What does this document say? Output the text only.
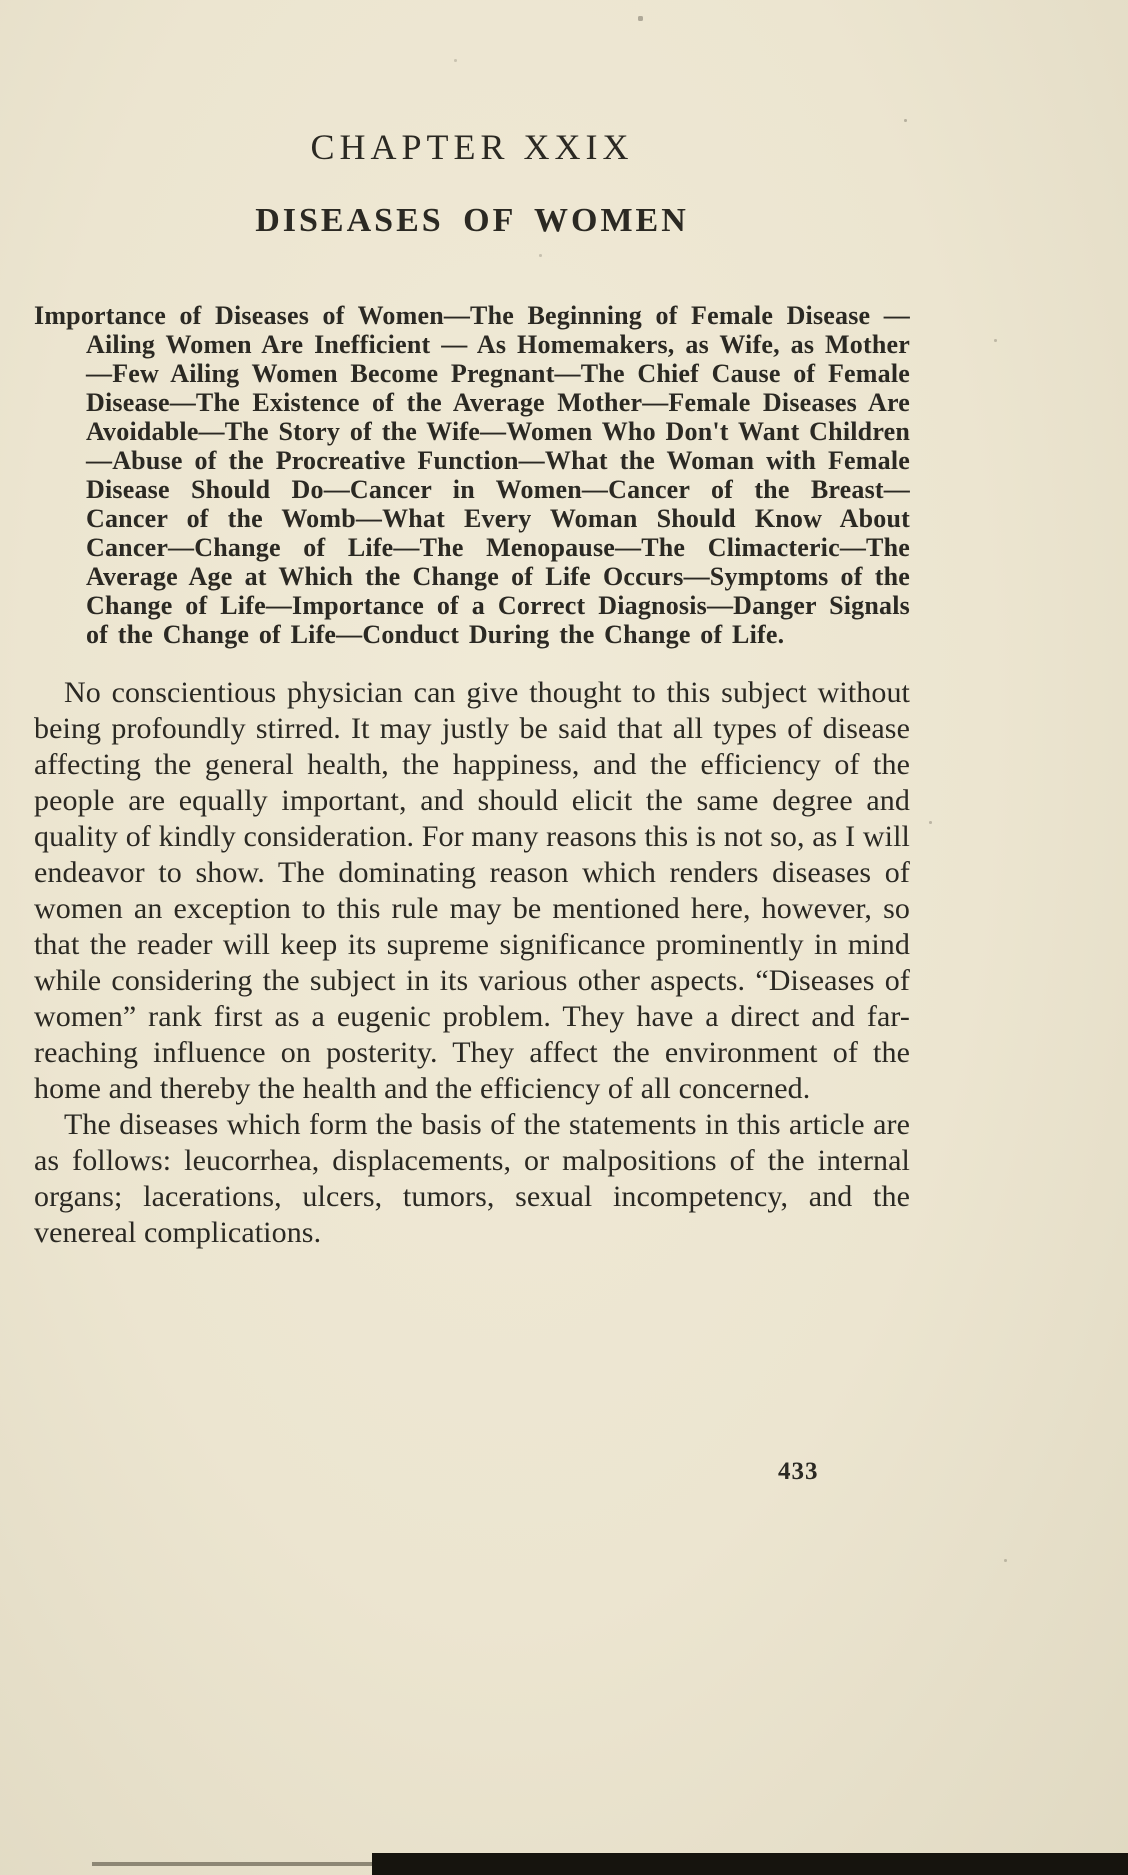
CHAPTER XXIX
DISEASES OF WOMEN

Importance of Diseases of Women—The Beginning of Female Disease — Ailing Women Are Inefficient — As Homemakers, as Wife, as Mother—Few Ailing Women Become Pregnant—The Chief Cause of Female Disease—The Existence of the Average Mother—Female Diseases Are Avoidable—The Story of the Wife—Women Who Don't Want Children—Abuse of the Procreative Function—What the Woman with Female Disease Should Do—Cancer in Women—Cancer of the Breast—Cancer of the Womb—What Every Woman Should Know About Cancer—Change of Life—The Menopause—The Climacteric—The Average Age at Which the Change of Life Occurs—Symptoms of the Change of Life—Importance of a Correct Diagnosis—Danger Signals of the Change of Life—Conduct During the Change of Life.

No conscientious physician can give thought to this subject without being profoundly stirred. It may justly be said that all types of disease affecting the general health, the happiness, and the efficiency of the people are equally important, and should elicit the same degree and quality of kindly consideration. For many reasons this is not so, as I will endeavor to show. The dominating reason which renders diseases of women an exception to this rule may be mentioned here, however, so that the reader will keep its supreme significance prominently in mind while considering the subject in its various other aspects. “Diseases of women” rank first as a eugenic problem. They have a direct and far-reaching influence on posterity. They affect the environment of the home and thereby the health and the efficiency of all concerned.

The diseases which form the basis of the statements in this article are as follows: leucorrhea, displacements, or malpositions of the internal organs; lacerations, ulcers, tumors, sexual incompetency, and the venereal complications.

433
